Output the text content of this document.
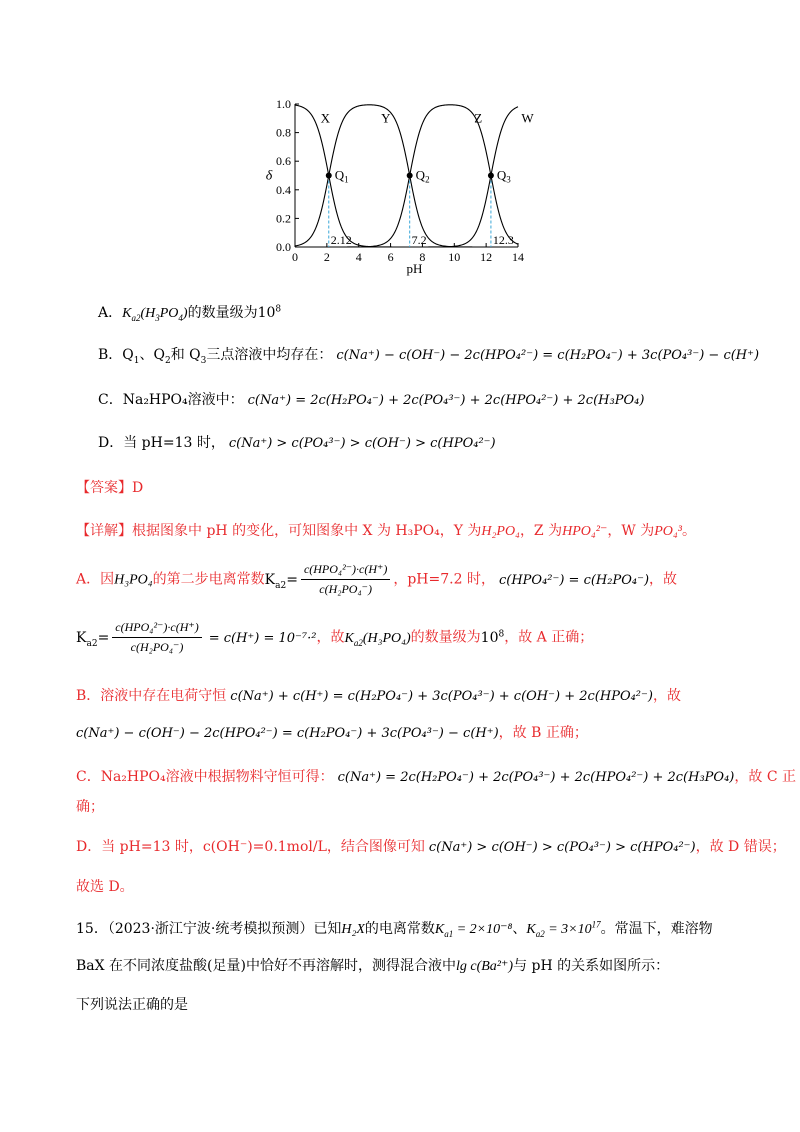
0 2 4 6 8 10 12 14
0.0
0.2
0.4
0.6
0.8
1.0
pH
δ
X	Y	Z	W
$Q_1$
2.12
$Q_2$
7.2
$Q_3$
12.3
A．$K_{a2}(H_3PO_4)$的数量级为$10^8$
B．$Q_1$、$Q_2$和 $Q_3$三点溶液中均存在： c(Na⁺) − c(OH⁻) − 2c(HPO₄²⁻) = c(H₂PO₄⁻) + 3c(PO₄³⁻) − c(H⁺)
C．Na₂HPO₄溶液中： c(Na⁺) = 2c(H₂PO₄⁻) + 2c(PO₄³⁻) + 2c(HPO₄²⁻) + 2c(H₃PO₄)
D．当 pH=13 时， c(Na⁺) > c(PO₄³⁻) > c(OH⁻) > c(HPO₄²⁻)
【答案】D
【详解】根据图象中 pH 的变化，可知图象中 X 为 H₃PO₄，Y 为H₂PO₄，Z 为HPO₄²⁻，W 为PO₄³。
A．因H₃PO₄的第二步电离常数$K_{a2}= \frac{\text{c(HPO₄²⁻)·c(H⁺)}}{\text{c(H₂PO₄⁻)}}$ ，pH=7.2 时， c(HPO₄²⁻) = c(H₂PO₄⁻)，故
$K_{a2}= \frac{\text{c(HPO₄²⁻)·c(H⁺)}}{\text{c(H₂PO₄⁻)}} = c(H^+) = 10^{-7}\cdot^2$，故$K_{a2}(H_3PO_4)$的数量级为$10^8$，故 A 正确；
B．溶液中存在电荷守恒 c(Na⁺) + c(H⁺) = c(H₂PO₄⁻) + 3c(PO₄³⁻) + c(OH⁻) + 2c(HPO₄²⁻)，故
c(Na⁺) − c(OH⁻) − 2c(HPO₄²⁻) = c(H₂PO₄⁻) + 3c(PO₄³⁻) − c(H⁺)，故 B 正确；
C．Na₂HPO₄溶液中根据物料守恒可得： c(Na⁺) = 2c(H₂PO₄⁻) + 2c(PO₄³⁻) + 2c(HPO₄²⁻) + 2c(H₃PO₄)，故 C 正
确；
D．当 pH=13 时，c(OH⁻)=0.1mol/L，结合图像可知 c(Na⁺) > c(OH⁻) > c(PO₄³⁻) > c(HPO₄²⁻)，故 D 错误；
故选 D。
15．（2023·浙江宁波·统考模拟预测）已知H₂X的电离常数$K_{a1} = 2\times 10^{-8}$、$K_{a2} = 3\times 10^{17}$。常温下，难溶物
BaX 在不同浓度盐酸(足量)中恰好不再溶解时，测得混合液中lg c(Ba²⁺)与 pH 的关系如图所示：
下列说法正确的是
